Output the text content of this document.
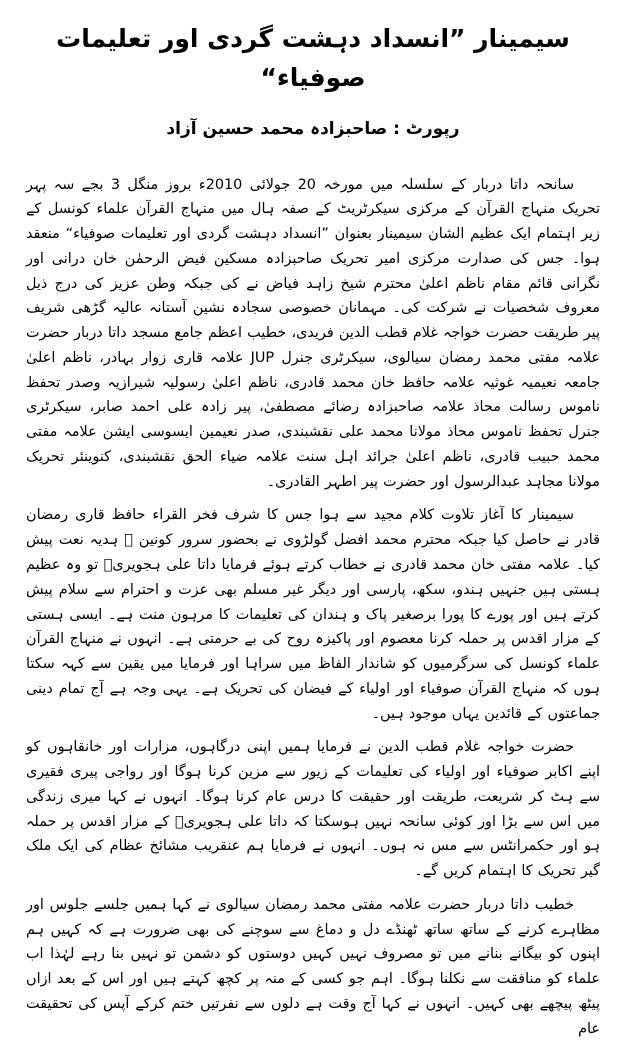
سیمینار ”انسداد دہشت گردی اور تعلیمات صوفیاء“
رپورٹ : صاحبزادہ محمد حسین آزاد

سانحہ داتا دربار کے سلسلہ میں مورخہ 20 جولائی 2010ء بروز منگل 3 بجے سہ پہر تحریک منہاج القرآن کے مرکزی سیکرٹریٹ کے صفہ ہال میں منہاج القرآن علماء کونسل کے زیر اہتمام ایک عظیم الشان سیمینار بعنوان ”انسداد دہشت گردی اور تعلیمات صوفیاء“ منعقد ہوا۔ جس کی صدارت مرکزی امیر تحریک صاحبزادہ مسکین فیض الرحمٰن خان درانی اور نگرانی قائم مقام ناظم اعلیٰ محترم شیخ زاہد فیاض نے کی جبکہ وطن عزیز کی درج ذیل معروف شخصیات نے شرکت کی۔ مہمانان خصوصی سجادہ نشین آستانہ عالیہ گڑھی شریف پیر طریقت حضرت خواجہ غلام قطب الدین فریدی، خطیب اعظم جامع مسجد داتا دربار حضرت علامہ مفتی محمد رمضان سیالوی، سیکرٹری جنرل JUP علامہ قاری زوار بہادر، ناظم اعلیٰ جامعہ نعیمیہ غوثیہ علامہ حافظ خان محمد قادری، ناظم اعلیٰ رسولیہ شیرازیہ وصدر تحفظ ناموس رسالت محاذ علامہ صاحبزادہ رضائے مصطفیٰ، پیر زادہ علی احمد صابر، سیکرٹری جنرل تحفظ ناموس محاذ مولانا محمد علی نقشبندی، صدر نعیمین ایسوسی ایشن علامہ مفتی محمد حبیب قادری، ناظم اعلیٰ جرائد اہل سنت علامہ ضیاء الحق نقشبندی، کنوینئر تحریک مولانا مجاہد عبدالرسول اور حضرت پیر اطہر القادری۔

سیمینار کا آغاز تلاوت کلام مجید سے ہوا جس کا شرف فخر القراء حافظ قاری رمضان قادر نے حاصل کیا جبکہ محترم محمد افضل گولڑوی نے بحضور سرور کونین ﷺ ہدیہ نعت پیش کیا۔ علامہ مفتی خان محمد قادری نے خطاب کرتے ہوئے فرمایا داتا علی ہجویریؒ تو وہ عظیم ہستی ہیں جنہیں ہندو، سکھ، پارسی اور دیگر غیر مسلم بھی عزت و احترام سے سلام پیش کرتے ہیں اور پورے کا پورا برصغیر پاک و ہندان کی تعلیمات کا مرہون منت ہے۔ ایسی ہستی کے مزار اقدس پر حملہ کرنا معصوم اور پاکیزہ روح کی بے حرمتی ہے۔ انہوں نے منہاج القرآن علماء کونسل کی سرگرمیوں کو شاندار الفاظ میں سراہا اور فرمایا میں یقین سے کہہ سکتا ہوں کہ منہاج القرآن صوفیاء اور اولیاء کے فیضان کی تحریک ہے۔ یہی وجہ ہے آج تمام دینی جماعتوں کے قائدین یہاں موجود ہیں۔

حضرت خواجہ غلام قطب الدین نے فرمایا ہمیں اپنی درگاہوں، مزارات اور خانقاہوں کو اپنے اکابر صوفیاء اور اولیاء کی تعلیمات کے زیور سے مزین کرنا ہوگا اور رواجی پیری فقیری سے ہٹ کر شریعت، طریقت اور حقیقت کا درس عام کرنا ہوگا۔ انہوں نے کہا میری زندگی میں اس سے بڑا اور کوئی سانحہ نہیں ہوسکتا کہ داتا علی ہجویریؒ کے مزار اقدس پر حملہ ہو اور حکمرانٹس سے مس نہ ہوں۔ انہوں نے فرمایا ہم عنقریب مشائخ عظام کی ایک ملک گیر تحریک کا اہتمام کریں گے۔

خطیب داتا دربار حضرت علامہ مفتی محمد رمضان سیالوی نے کہا ہمیں جلسے جلوس اور مظاہرے کرنے کے ساتھ ساتھ ٹھنڈے دل و دماغ سے سوچنے کی بھی ضرورت ہے کہ کہیں ہم اپنوں کو بیگانے بنانے میں تو مصروف نہیں کہیں دوستوں کو دشمن تو نہیں بنا رہے لہٰذا اب علماء کو منافقت سے نکلنا ہوگا۔ اہم جو کسی کے منہ پر کچھ کہتے ہیں اور اس کے بعد ازاں پیٹھ پیچھے بھی کہیں۔ انہوں نے کہا آج وقت ہے دلوں سے نفرتیں ختم کرکے آپس کی تحقیقت عام
